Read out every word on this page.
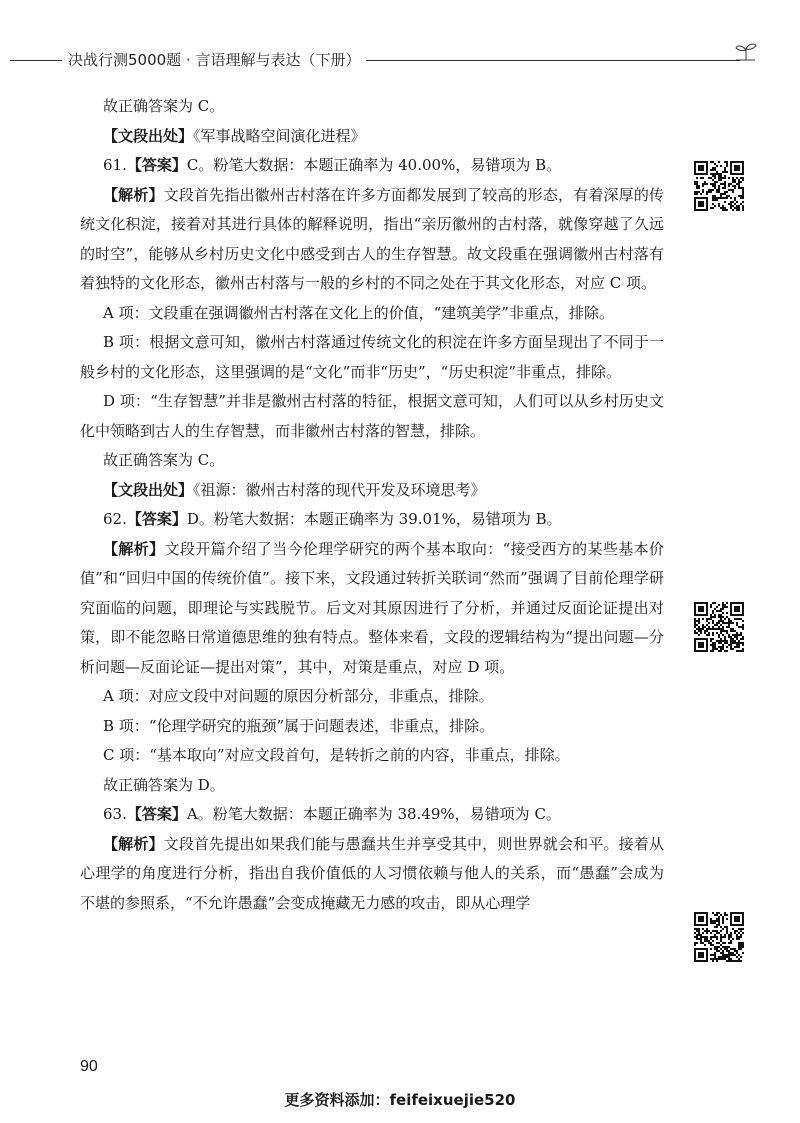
决战行测5000题 · 言语理解与表达（下册）

故正确答案为 C。

【文段出处】《军事战略空间演化进程》

61.【答案】C。粉笔大数据：本题正确率为 40.00%，易错项为 B。

【解析】文段首先指出徽州古村落在许多方面都发展到了较高的形态，有着深厚的传统文化积淀，接着对其进行具体的解释说明，指出“亲历徽州的古村落，就像穿越了久远的时空”，能够从乡村历史文化中感受到古人的生存智慧。故文段重在强调徽州古村落有着独特的文化形态，徽州古村落与一般的乡村的不同之处在于其文化形态，对应 C 项。

A 项：文段重在强调徽州古村落在文化上的价值，“建筑美学”非重点，排除。

B 项：根据文意可知，徽州古村落通过传统文化的积淀在许多方面呈现出了不同于一般乡村的文化形态，这里强调的是“文化”而非“历史”，“历史积淀”非重点，排除。

D 项：“生存智慧”并非是徽州古村落的特征，根据文意可知，人们可以从乡村历史文化中领略到古人的生存智慧，而非徽州古村落的智慧，排除。

故正确答案为 C。

【文段出处】《祖源：徽州古村落的现代开发及环境思考》

62.【答案】D。粉笔大数据：本题正确率为 39.01%，易错项为 B。

【解析】文段开篇介绍了当今伦理学研究的两个基本取向：“接受西方的某些基本价值”和“回归中国的传统价值”。接下来，文段通过转折关联词“然而”强调了目前伦理学研究面临的问题，即理论与实践脱节。后文对其原因进行了分析，并通过反面论证提出对策，即不能忽略日常道德思维的独有特点。整体来看，文段的逻辑结构为“提出问题—分析问题—反面论证—提出对策”，其中，对策是重点，对应 D 项。

A 项：对应文段中对问题的原因分析部分，非重点，排除。

B 项：“伦理学研究的瓶颈”属于问题表述，非重点，排除。

C 项：“基本取向”对应文段首句，是转折之前的内容，非重点，排除。

故正确答案为 D。

63.【答案】A。粉笔大数据：本题正确率为 38.49%，易错项为 C。

【解析】文段首先提出如果我们能与愚蠢共生并享受其中，则世界就会和平。接着从心理学的角度进行分析，指出自我价值低的人习惯依赖与他人的关系，而“愚蠢”会成为不堪的参照系，“不允许愚蠢”会变成掩藏无力感的攻击，即从心理学

90
更多资料添加：feifeixuejie520
